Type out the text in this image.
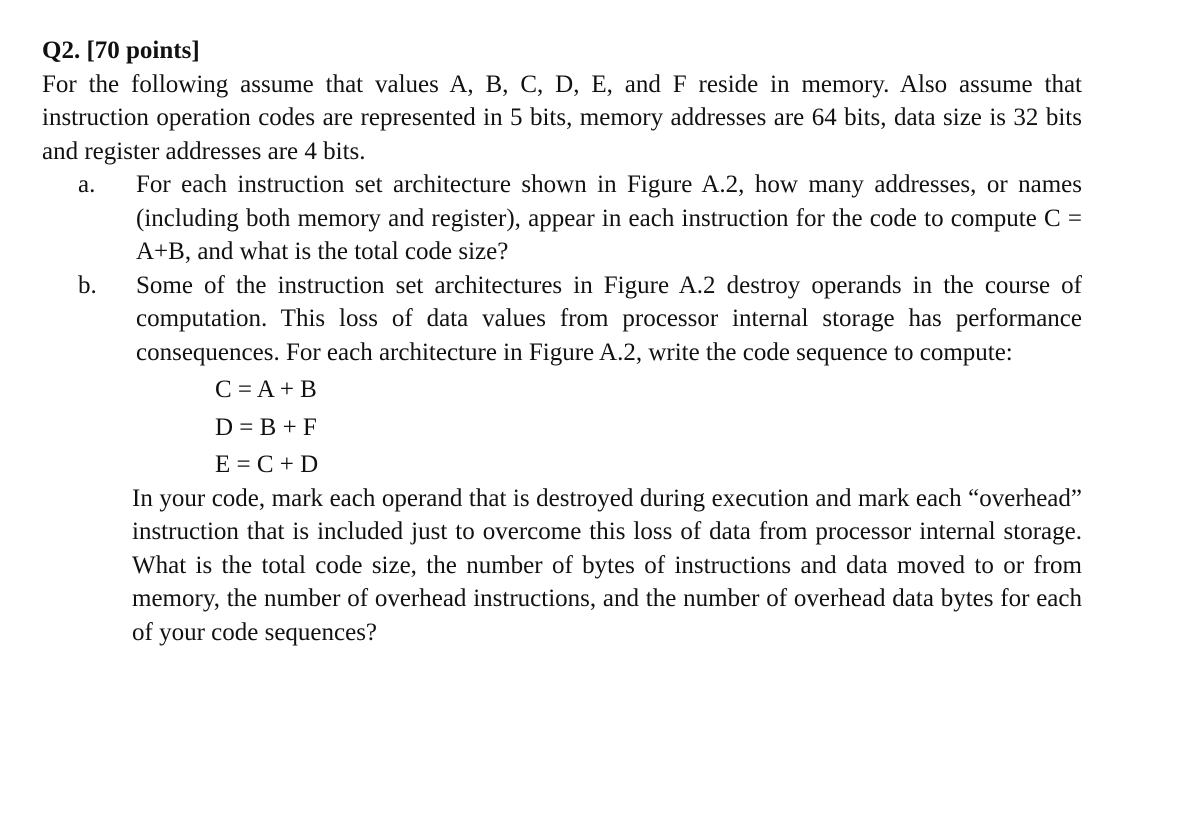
Q2. [70 points]
For the following assume that values A, B, C, D, E, and F reside in memory. Also assume that instruction operation codes are represented in 5 bits, memory addresses are 64 bits, data size is 32 bits and register addresses are 4 bits.
a.	For each instruction set architecture shown in Figure A.2, how many addresses, or names (including both memory and register), appear in each instruction for the code to compute C = A+B, and what is the total code size?
b.	Some of the instruction set architectures in Figure A.2 destroy operands in the course of computation. This loss of data values from processor internal storage has performance consequences. For each architecture in Figure A.2, write the code sequence to compute:
C = A + B
D = B + F
E = C + D
In your code, mark each operand that is destroyed during execution and mark each “overhead” instruction that is included just to overcome this loss of data from processor internal storage. What is the total code size, the number of bytes of instructions and data moved to or from memory, the number of overhead instructions, and the number of overhead data bytes for each of your code sequences?
